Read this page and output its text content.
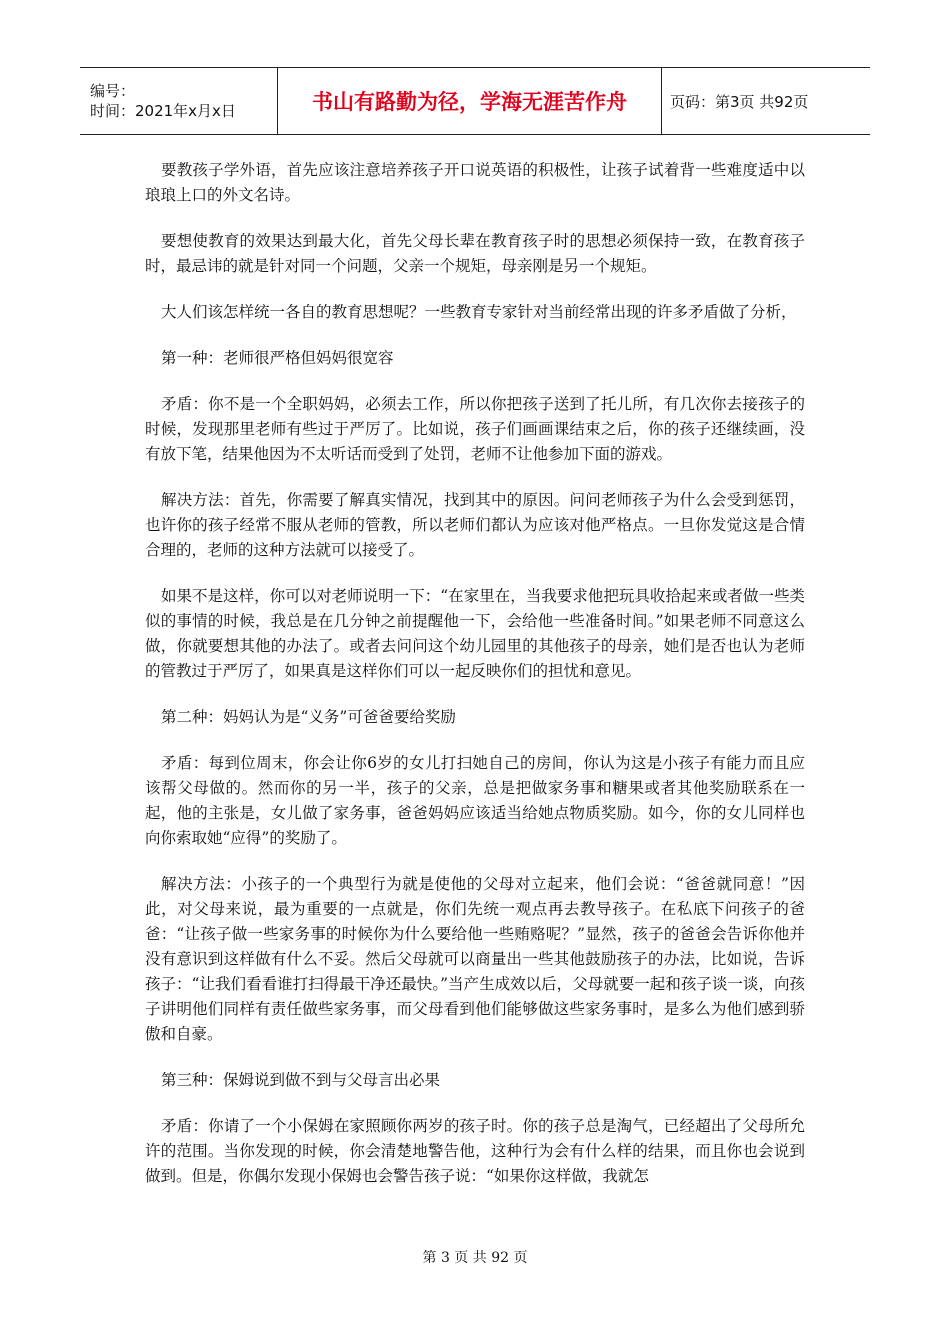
编号：
时间：2021年x月x日	书山有路勤为径，学海无涯苦作舟	页码：第3页 共92页

要教孩子学外语，首先应该注意培养孩子开口说英语的积极性，让孩子试着背一些难度适中以琅琅上口的外文名诗。

要想使教育的效果达到最大化，首先父母长辈在教育孩子时的思想必须保持一致，在教育孩子时，最忌讳的就是针对同一个问题，父亲一个规矩，母亲刚是另一个规矩。

大人们该怎样统一各自的教育思想呢？一些教育专家针对当前经常出现的许多矛盾做了分析，

第一种：老师很严格但妈妈很宽容

矛盾：你不是一个全职妈妈，必须去工作，所以你把孩子送到了托儿所，有几次你去接孩子的时候，发现那里老师有些过于严厉了。比如说，孩子们画画课结束之后，你的孩子还继续画，没有放下笔，结果他因为不太听话而受到了处罚，老师不让他参加下面的游戏。

解决方法：首先，你需要了解真实情况，找到其中的原因。问问老师孩子为什么会受到惩罚，也许你的孩子经常不服从老师的管教，所以老师们都认为应该对他严格点。一旦你发觉这是合情合理的，老师的这种方法就可以接受了。

如果不是这样，你可以对老师说明一下：“在家里在，当我要求他把玩具收拾起来或者做一些类似的事情的时候，我总是在几分钟之前提醒他一下，会给他一些准备时间。”如果老师不同意这么做，你就要想其他的办法了。或者去问问这个幼儿园里的其他孩子的母亲，她们是否也认为老师的管教过于严厉了，如果真是这样你们可以一起反映你们的担忧和意见。

第二种：妈妈认为是“义务”可爸爸要给奖励

矛盾：每到位周末，你会让你6岁的女儿打扫她自己的房间，你认为这是小孩子有能力而且应该帮父母做的。然而你的另一半，孩子的父亲，总是把做家务事和糖果或者其他奖励联系在一起，他的主张是，女儿做了家务事，爸爸妈妈应该适当给她点物质奖励。如今，你的女儿同样也向你索取她“应得”的奖励了。

解决方法：小孩子的一个典型行为就是使他的父母对立起来，他们会说：“爸爸就同意！”因此，对父母来说，最为重要的一点就是，你们先统一观点再去教导孩子。在私底下问孩子的爸爸：“让孩子做一些家务事的时候你为什么要给他一些贿赂呢？”显然，孩子的爸爸会告诉你他并没有意识到这样做有什么不妥。然后父母就可以商量出一些其他鼓励孩子的办法，比如说，告诉孩子：“让我们看看谁打扫得最干净还最快。”当产生成效以后，父母就要一起和孩子谈一谈，向孩子讲明他们同样有责任做些家务事，而父母看到他们能够做这些家务事时，是多么为他们感到骄傲和自豪。

第三种：保姆说到做不到与父母言出必果

矛盾：你请了一个小保姆在家照顾你两岁的孩子时。你的孩子总是淘气，已经超出了父母所允许的范围。当你发现的时候，你会清楚地警告他，这种行为会有什么样的结果，而且你也会说到做到。但是，你偶尔发现小保姆也会警告孩子说：“如果你这样做，我就怎

第 3 页 共 92 页
